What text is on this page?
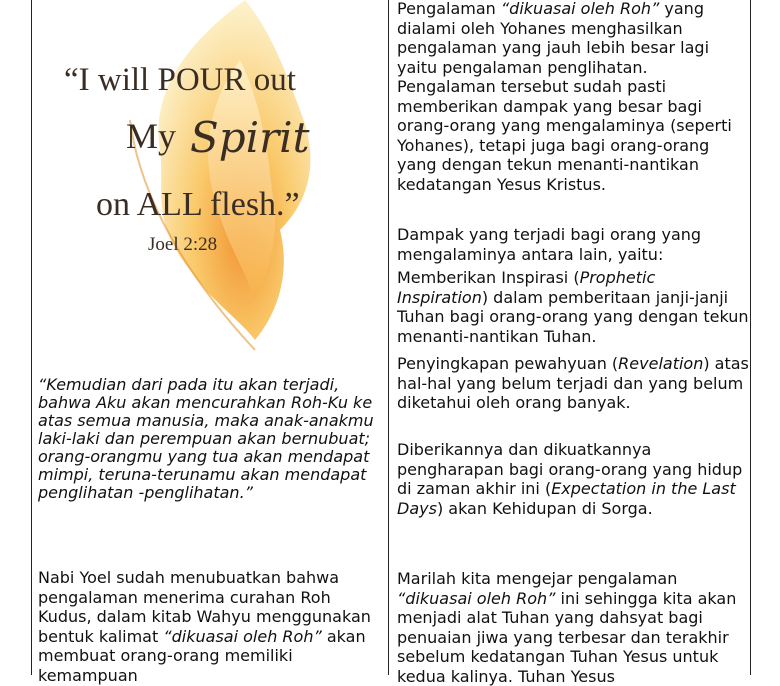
“I will POUR out
My Spirit
on ALL flesh.”
Joel 2:28
“Kemudian dari pada itu akan terjadi, bahwa Aku akan mencurahkan Roh-Ku ke atas semua manusia, maka anak-anakmu laki-laki dan perempuan akan bernubuat; orang-orangmu yang tua akan mendapat mimpi, teruna-terunamu akan mendapat penglihatan -penglihatan.”
Nabi Yoel sudah menubuatkan bahwa pengalaman menerima curahan Roh Kudus, dalam kitab Wahyu menggunakan bentuk kalimat “dikuasai oleh Roh” akan membuat orang-orang memiliki kemampuan

Pengalaman “dikuasai oleh Roh” yang dialami oleh Yohanes menghasilkan pengalaman yang jauh lebih besar lagi yaitu pengalaman penglihatan. Pengalaman tersebut sudah pasti memberikan dampak yang besar bagi orang-orang yang mengalaminya (seperti Yohanes), tetapi juga bagi orang-orang yang dengan tekun menanti-nantikan kedatangan Yesus Kristus.

Dampak yang terjadi bagi orang yang mengalaminya antara lain, yaitu:

Memberikan Inspirasi (Prophetic Inspiration) dalam pemberitaan janji-janji Tuhan bagi orang-orang yang dengan tekun menanti-nantikan Tuhan.

Penyingkapan pewahyuan (Revelation) atas hal-hal yang belum terjadi dan yang belum diketahui oleh orang banyak.

Diberikannya dan dikuatkannya pengharapan bagi orang-orang yang hidup di zaman akhir ini (Expectation in the Last Days) akan Kehidupan di Sorga.

Marilah kita mengejar pengalaman “dikuasai oleh Roh” ini sehingga kita akan menjadi alat Tuhan yang dahsyat bagi penuaian jiwa yang terbesar dan terakhir sebelum kedatangan Tuhan Yesus untuk kedua kalinya. Tuhan Yesus
